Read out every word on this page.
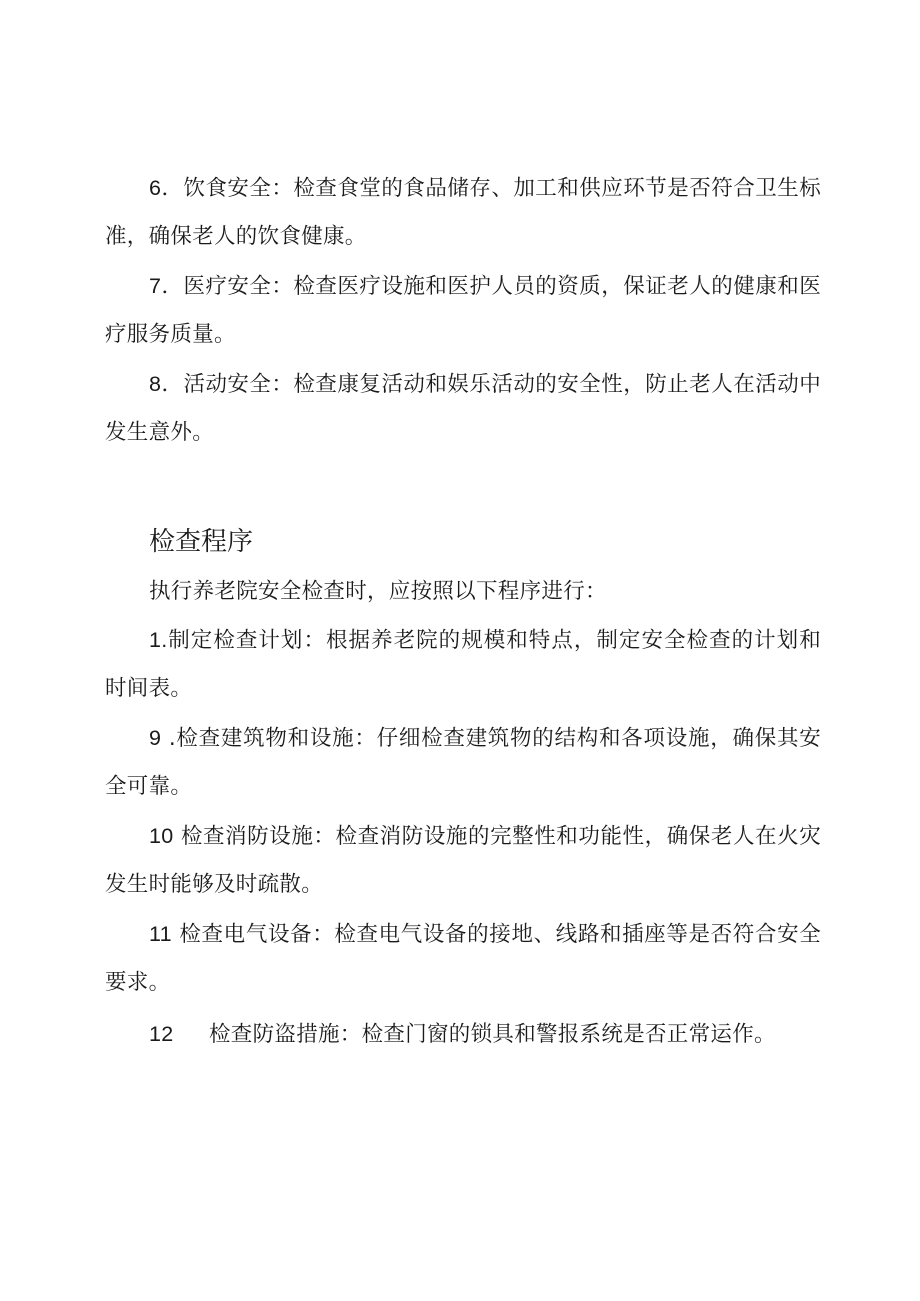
6．饮食安全：检查食堂的食品储存、加工和供应环节是否符合卫生标准，确保老人的饮食健康。

7．医疗安全：检查医疗设施和医护人员的资质，保证老人的健康和医疗服务质量。

8．活动安全：检查康复活动和娱乐活动的安全性，防止老人在活动中发生意外。

检查程序

执行养老院安全检查时，应按照以下程序进行：

1.制定检查计划：根据养老院的规模和特点，制定安全检查的计划和时间表。

9 .检查建筑物和设施：仔细检查建筑物的结构和各项设施，确保其安全可靠。

10 检查消防设施：检查消防设施的完整性和功能性，确保老人在火灾发生时能够及时疏散。

11 检查电气设备：检查电气设备的接地、线路和插座等是否符合安全要求。

12 检查防盗措施：检查门窗的锁具和警报系统是否正常运作。
